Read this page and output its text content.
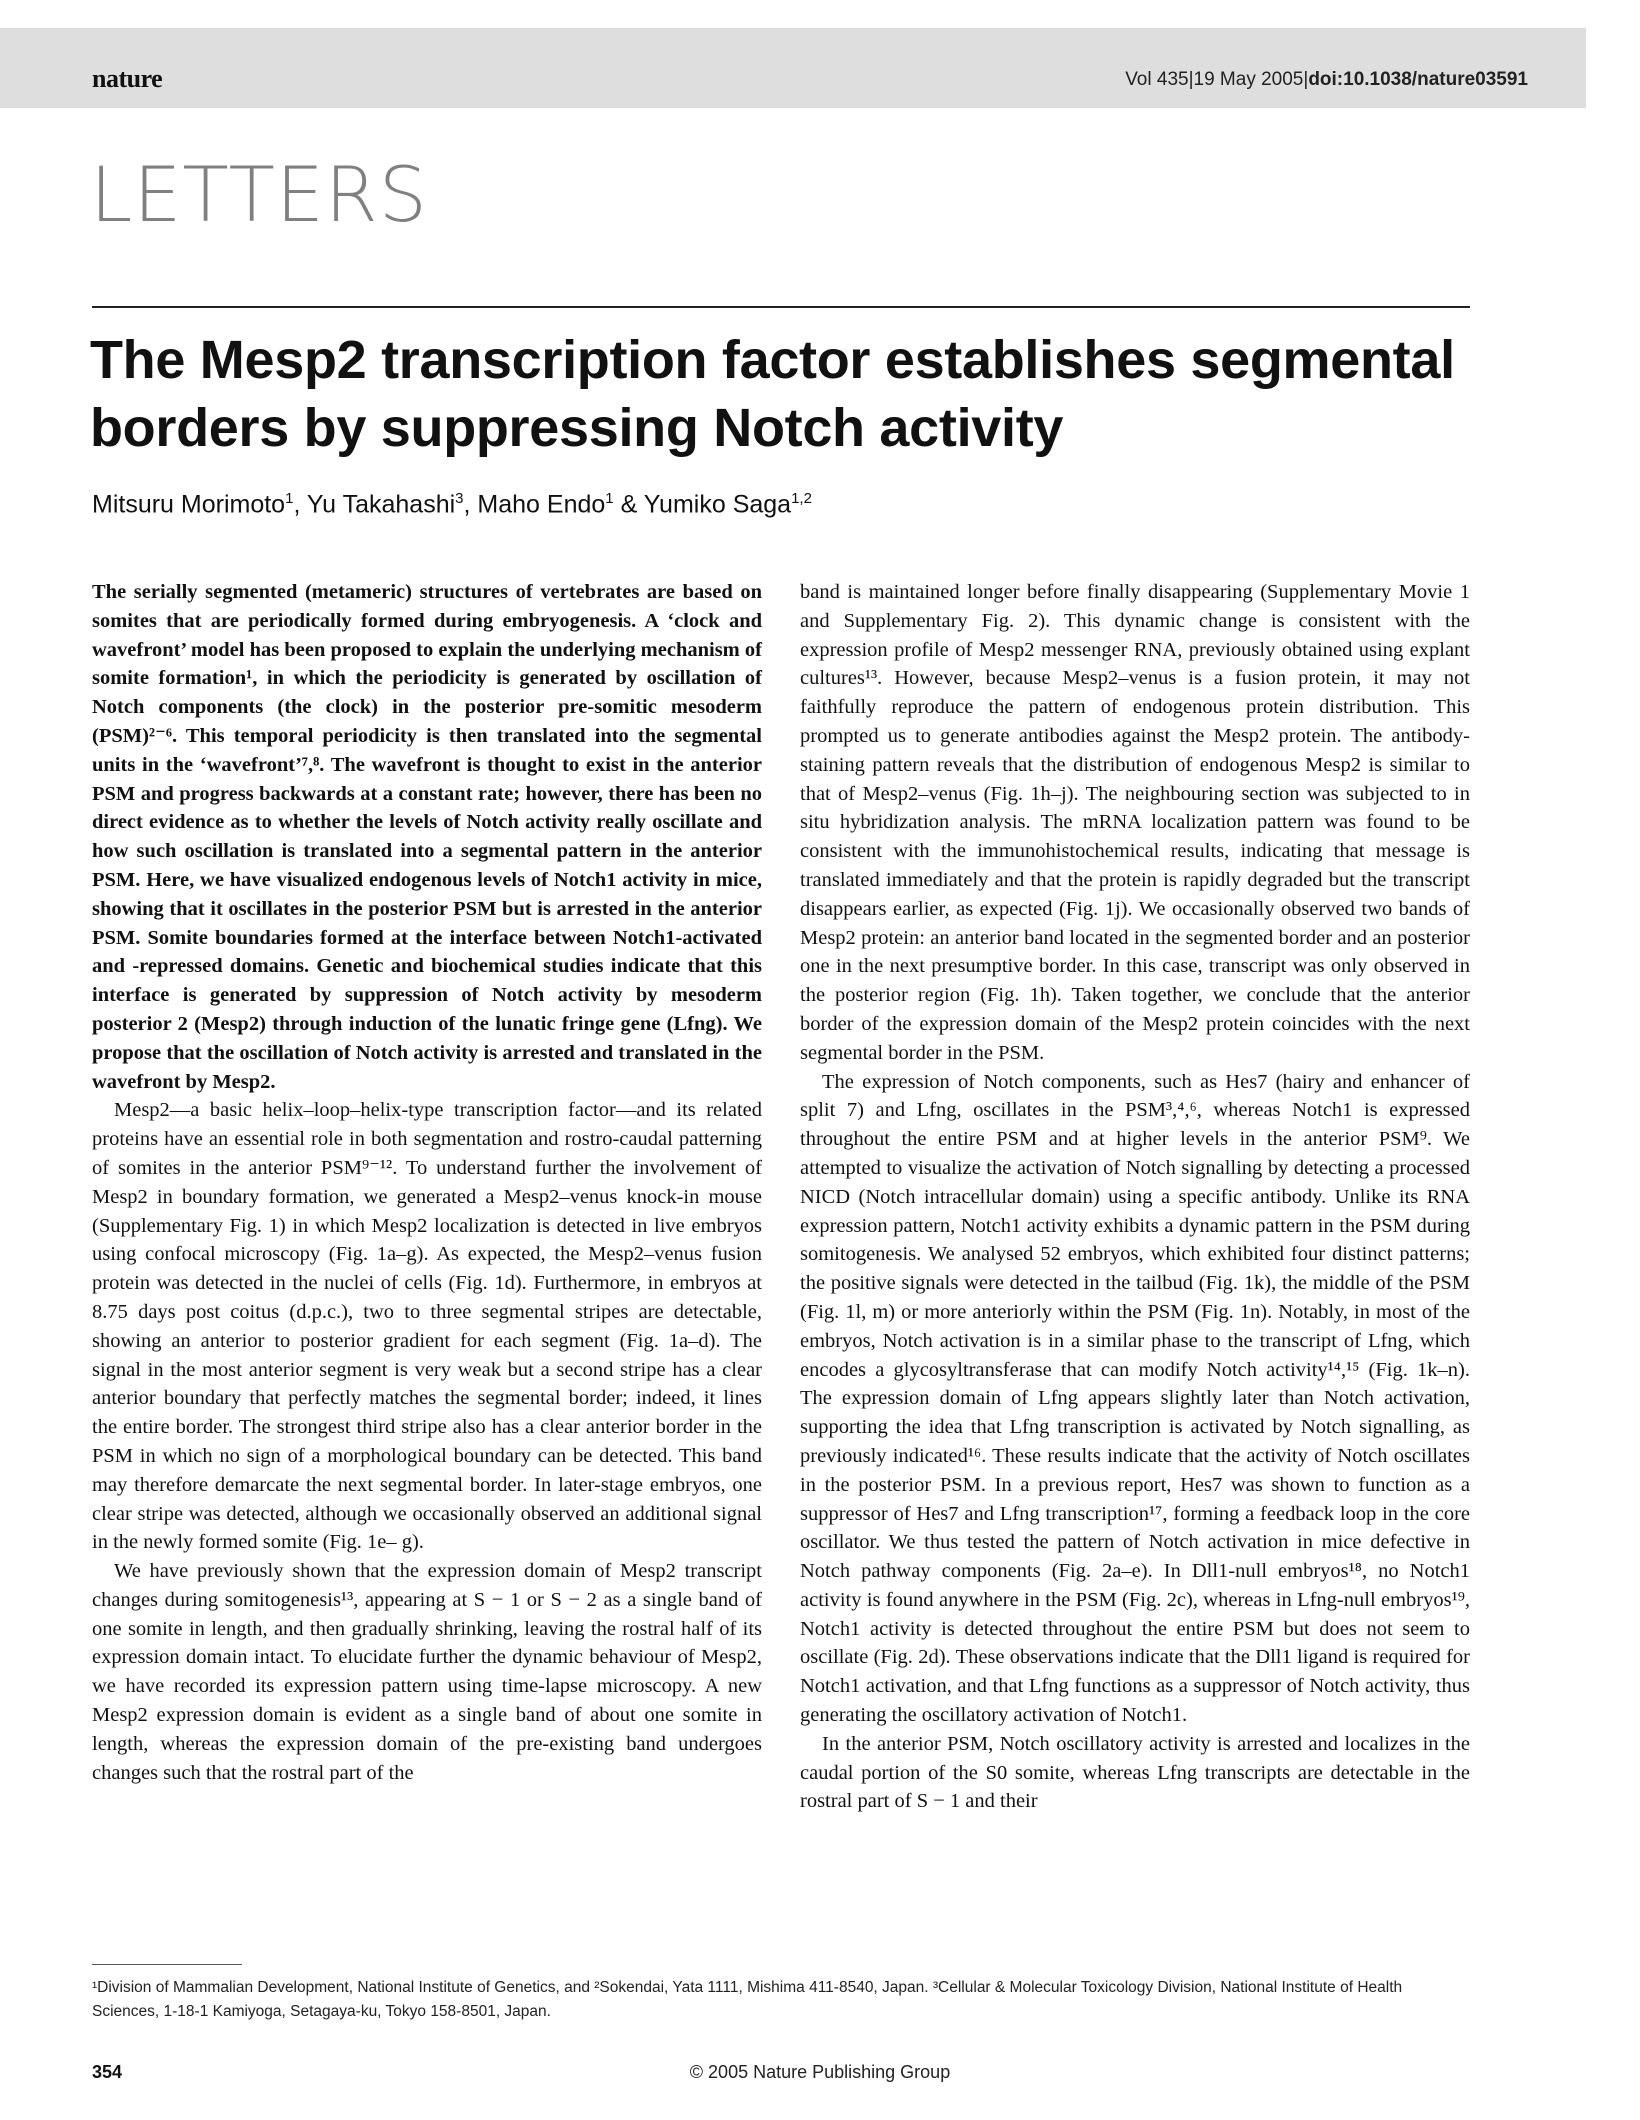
nature	Vol 435|19 May 2005|doi:10.1038/nature03591
LETTERS
The Mesp2 transcription factor establishes segmental borders by suppressing Notch activity
Mitsuru Morimoto$^1$, Yu Takahashi$^3$, Maho Endo$^1$ & Yumiko Saga$^{1,2}$

The serially segmented (metameric) structures of vertebrates are based on somites that are periodically formed during embryogenesis. A ‘clock and wavefront’ model has been proposed to explain the underlying mechanism of somite formation¹, in which the periodicity is generated by oscillation of Notch components (the clock) in the posterior pre-somitic mesoderm (PSM)²⁻⁶. This temporal periodicity is then translated into the segmental units in the ‘wavefront’⁷,⁸. The wavefront is thought to exist in the anterior PSM and progress backwards at a constant rate; however, there has been no direct evidence as to whether the levels of Notch activity really oscillate and how such oscillation is translated into a segmental pattern in the anterior PSM. Here, we have visualized endogenous levels of Notch1 activity in mice, showing that it oscillates in the posterior PSM but is arrested in the anterior PSM. Somite boundaries formed at the interface between Notch1-activated and -repressed domains. Genetic and biochemical studies indicate that this interface is generated by suppression of Notch activity by mesoderm posterior 2 (Mesp2) through induction of the lunatic fringe gene (Lfng). We propose that the oscillation of Notch activity is arrested and translated in the wavefront by Mesp2.

Mesp2—a basic helix–loop–helix-type transcription factor—and its related proteins have an essential role in both segmentation and rostro-caudal patterning of somites in the anterior PSM⁹⁻¹². To understand further the involvement of Mesp2 in boundary formation, we generated a Mesp2–venus knock-in mouse (Supplementary Fig. 1) in which Mesp2 localization is detected in live embryos using confocal microscopy (Fig. 1a–g). As expected, the Mesp2–venus fusion protein was detected in the nuclei of cells (Fig. 1d). Furthermore, in embryos at 8.75 days post coitus (d.p.c.), two to three segmental stripes are detectable, showing an anterior to posterior gradient for each segment (Fig. 1a–d). The signal in the most anterior segment is very weak but a second stripe has a clear anterior boundary that perfectly matches the segmental border; indeed, it lines the entire border. The strongest third stripe also has a clear anterior border in the PSM in which no sign of a morphological boundary can be detected. This band may therefore demarcate the next segmental border. In later-stage embryos, one clear stripe was detected, although we occasionally observed an additional signal in the newly formed somite (Fig. 1e– g).

We have previously shown that the expression domain of Mesp2 transcript changes during somitogenesis¹³, appearing at S − 1 or S − 2 as a single band of one somite in length, and then gradually shrinking, leaving the rostral half of its expression domain intact. To elucidate further the dynamic behaviour of Mesp2, we have recorded its expression pattern using time-lapse microscopy. A new Mesp2 expression domain is evident as a single band of about one somite in length, whereas the expression domain of the pre-existing band undergoes changes such that the rostral part of the

band is maintained longer before finally disappearing (Supplementary Movie 1 and Supplementary Fig. 2). This dynamic change is consistent with the expression profile of Mesp2 messenger RNA, previously obtained using explant cultures¹³. However, because Mesp2–venus is a fusion protein, it may not faithfully reproduce the pattern of endogenous protein distribution. This prompted us to generate antibodies against the Mesp2 protein. The antibody-staining pattern reveals that the distribution of endogenous Mesp2 is similar to that of Mesp2–venus (Fig. 1h–j). The neighbouring section was subjected to in situ hybridization analysis. The mRNA localization pattern was found to be consistent with the immunohistochemical results, indicating that message is translated immediately and that the protein is rapidly degraded but the transcript disappears earlier, as expected (Fig. 1j). We occasionally observed two bands of Mesp2 protein: an anterior band located in the segmented border and an posterior one in the next presumptive border. In this case, transcript was only observed in the posterior region (Fig. 1h). Taken together, we conclude that the anterior border of the expression domain of the Mesp2 protein coincides with the next segmental border in the PSM.

The expression of Notch components, such as Hes7 (hairy and enhancer of split 7) and Lfng, oscillates in the PSM³,⁴,⁶, whereas Notch1 is expressed throughout the entire PSM and at higher levels in the anterior PSM⁹. We attempted to visualize the activation of Notch signalling by detecting a processed NICD (Notch intracellular domain) using a specific antibody. Unlike its RNA expression pattern, Notch1 activity exhibits a dynamic pattern in the PSM during somitogenesis. We analysed 52 embryos, which exhibited four distinct patterns; the positive signals were detected in the tailbud (Fig. 1k), the middle of the PSM (Fig. 1l, m) or more anteriorly within the PSM (Fig. 1n). Notably, in most of the embryos, Notch activation is in a similar phase to the transcript of Lfng, which encodes a glycosyltransferase that can modify Notch activity¹⁴,¹⁵ (Fig. 1k–n). The expression domain of Lfng appears slightly later than Notch activation, supporting the idea that Lfng transcription is activated by Notch signalling, as previously indicated¹⁶. These results indicate that the activity of Notch oscillates in the posterior PSM. In a previous report, Hes7 was shown to function as a suppressor of Hes7 and Lfng transcription¹⁷, forming a feedback loop in the core oscillator. We thus tested the pattern of Notch activation in mice defective in Notch pathway components (Fig. 2a–e). In Dll1-null embryos¹⁸, no Notch1 activity is found anywhere in the PSM (Fig. 2c), whereas in Lfng-null embryos¹⁹, Notch1 activity is detected throughout the entire PSM but does not seem to oscillate (Fig. 2d). These observations indicate that the Dll1 ligand is required for Notch1 activation, and that Lfng functions as a suppressor of Notch activity, thus generating the oscillatory activation of Notch1.

In the anterior PSM, Notch oscillatory activity is arrested and localizes in the caudal portion of the S0 somite, whereas Lfng transcripts are detectable in the rostral part of S − 1 and their

¹Division of Mammalian Development, National Institute of Genetics, and ²Sokendai, Yata 1111, Mishima 411-8540, Japan. ³Cellular & Molecular Toxicology Division, National Institute of Health Sciences, 1-18-1 Kamiyoga, Setagaya-ku, Tokyo 158-8501, Japan.
354	© 2005 Nature Publishing Group
